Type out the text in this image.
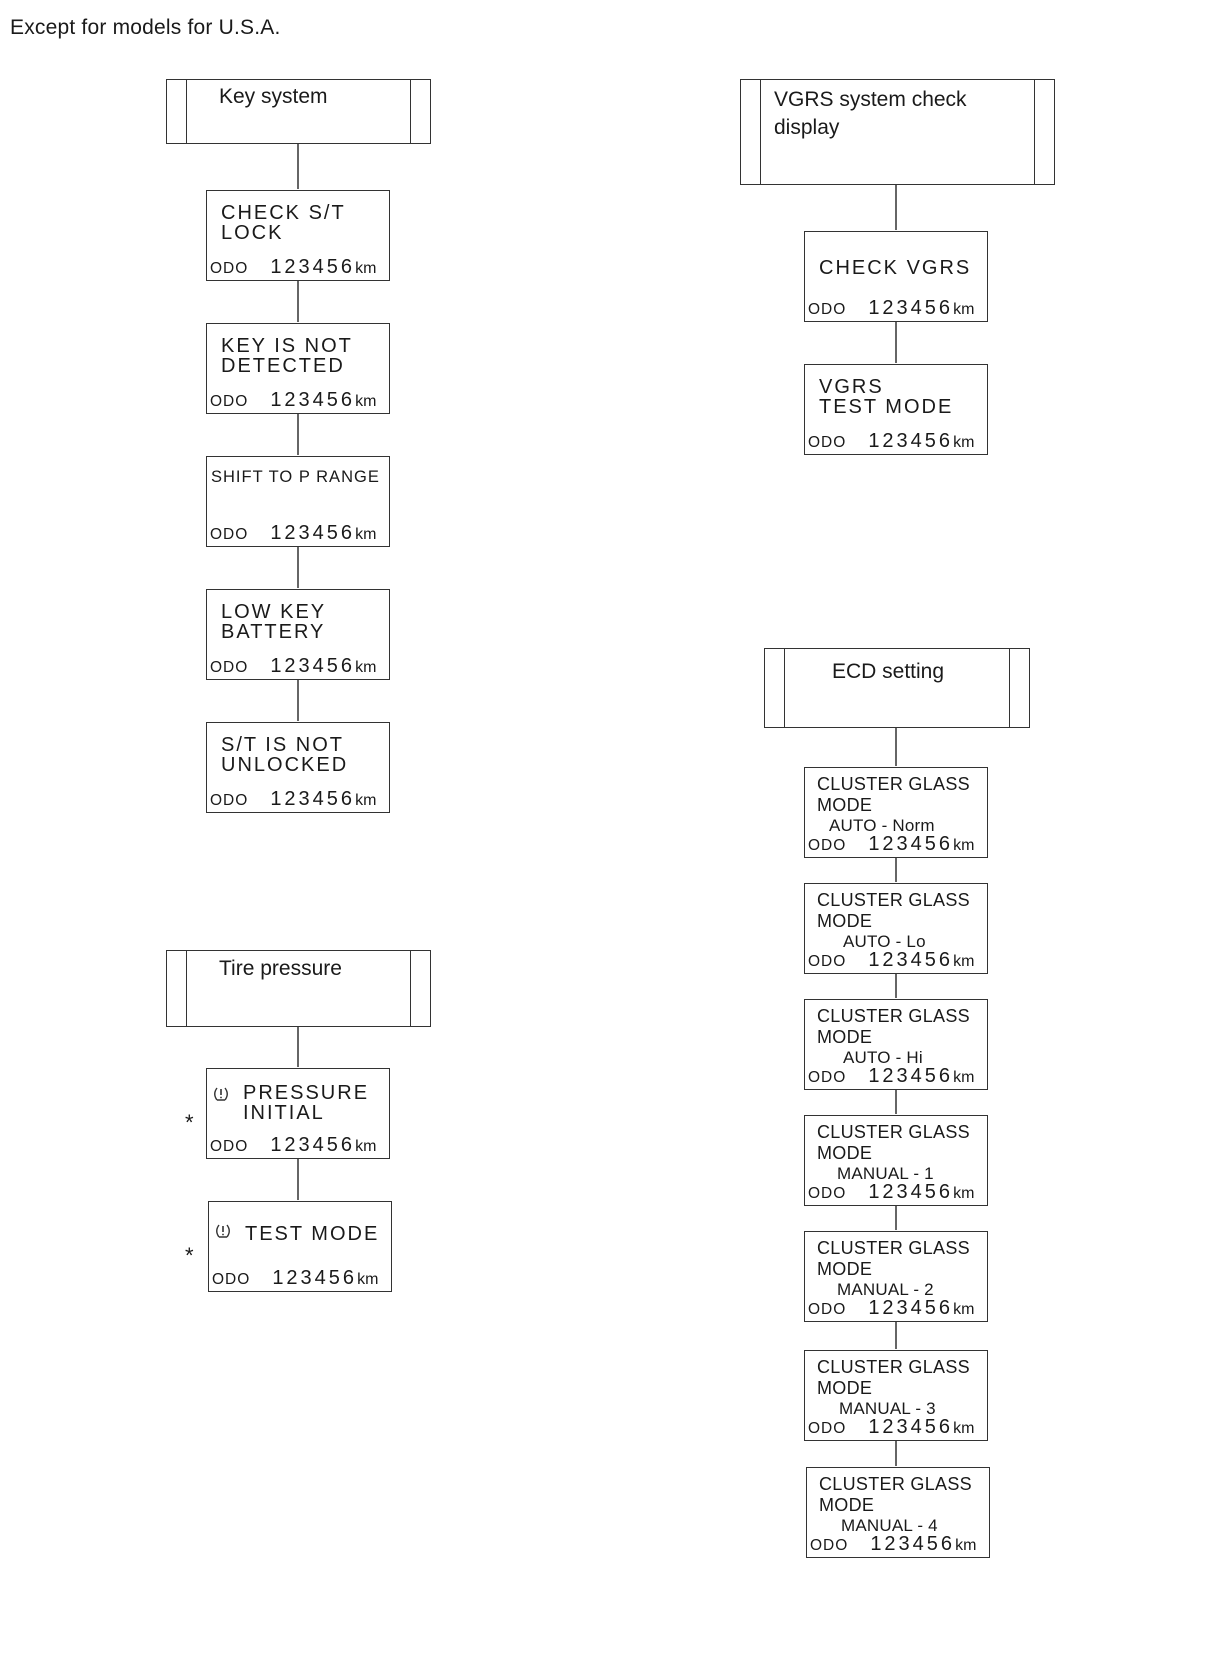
Except for models for U.S.A.
Key system
CHECK S/T
LOCK
ODO 123456km
KEY IS NOT
DETECTED
ODO 123456km
SHIFT TO P RANGE
ODO 123456km
LOW KEY
BATTERY
ODO 123456km
S/T IS NOT
UNLOCKED
ODO 123456km
Tire pressure
*
PRESSURE
INITIAL
ODO 123456km
*
TEST MODE
ODO 123456km
VGRS system check
display
CHECK VGRS
ODO 123456km
VGRS
TEST MODE
ODO 123456km
ECD setting
CLUSTER GLASS
MODE
AUTO - Norm
ODO 123456km
CLUSTER GLASS
MODE
AUTO - Lo
ODO 123456km
CLUSTER GLASS
MODE
AUTO - Hi
ODO 123456km
CLUSTER GLASS
MODE
MANUAL - 1
ODO 123456km
CLUSTER GLASS
MODE
MANUAL - 2
ODO 123456km
CLUSTER GLASS
MODE
MANUAL - 3
ODO 123456km
CLUSTER GLASS
MODE
MANUAL - 4
ODO 123456km
